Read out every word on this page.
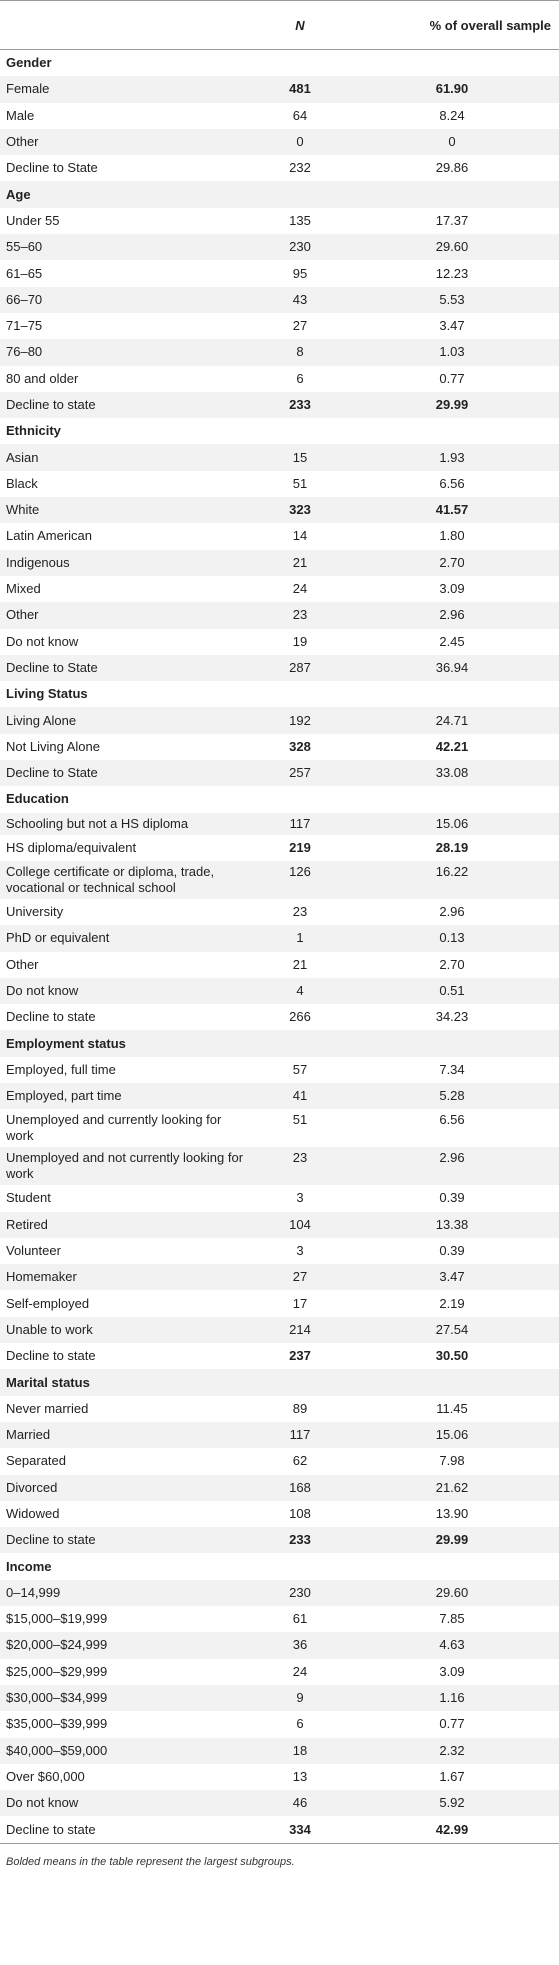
	N	% of overall sample
Gender		
Female	481	61.90
Male	64	8.24
Other	0	0
Decline to State	232	29.86
Age		
Under 55	135	17.37
55–60	230	29.60
61–65	95	12.23
66–70	43	5.53
71–75	27	3.47
76–80	8	1.03
80 and older	6	0.77
Decline to state	233	29.99
Ethnicity		
Asian	15	1.93
Black	51	6.56
White	323	41.57
Latin American	14	1.80
Indigenous	21	2.70
Mixed	24	3.09
Other	23	2.96
Do not know	19	2.45
Decline to State	287	36.94
Living Status		
Living Alone	192	24.71
Not Living Alone	328	42.21
Decline to State	257	33.08
Education		
Schooling but not a HS diploma	117	15.06
HS diploma/equivalent	219	28.19
College certificate or diploma, trade, vocational or technical school	126	16.22
University	23	2.96
PhD or equivalent	1	0.13
Other	21	2.70
Do not know	4	0.51
Decline to state	266	34.23
Employment status		
Employed, full time	57	7.34
Employed, part time	41	5.28
Unemployed and currently looking for work	51	6.56
Unemployed and not currently looking for work	23	2.96
Student	3	0.39
Retired	104	13.38
Volunteer	3	0.39
Homemaker	27	3.47
Self-employed	17	2.19
Unable to work	214	27.54
Decline to state	237	30.50
Marital status		
Never married	89	11.45
Married	117	15.06
Separated	62	7.98
Divorced	168	21.62
Widowed	108	13.90
Decline to state	233	29.99
Income		
0–14,999	230	29.60
$15,000–$19,999	61	7.85
$20,000–$24,999	36	4.63
$25,000–$29,999	24	3.09
$30,000–$34,999	9	1.16
$35,000–$39,999	6	0.77
$40,000–$59,000	18	2.32
Over $60,000	13	1.67
Do not know	46	5.92
Decline to state	334	42.99
Bolded means in the table represent the largest subgroups.
